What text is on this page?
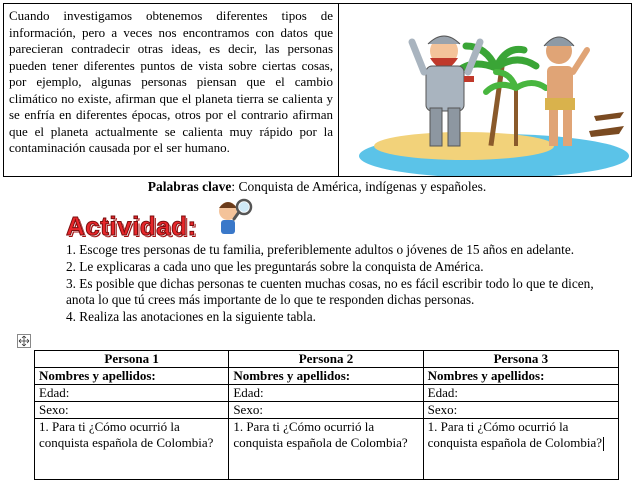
Cuando investigamos obtenemos diferentes tipos de información, pero a veces nos encontramos con datos que parecieran contradecir otras ideas, es decir, las personas pueden tener diferentes puntos de vista sobre ciertas cosas, por ejemplo, algunas personas piensan que el cambio climático no existe, afirman que el planeta tierra se calienta y se enfría en diferentes épocas, otros por el contrario afirman que el planeta actualmente se calienta muy rápido por la contaminación causada por el ser humano.
Palabras clave: Conquista de América, indígenas y españoles.
Actividad:

1. Escoge tres personas de tu familia, preferiblemente adultos o jóvenes de 15 años en adelante.

2. Le explicaras a cada uno que les preguntarás sobre la conquista de América.

3. Es posible que dichas personas te cuenten muchas cosas, no es fácil escribir todo lo que te dicen, anota lo que tú crees más importante de lo que te responden dichas personas.

4. Realiza las anotaciones en la siguiente tabla.

Persona 1	Persona 2	Persona 3
Nombres y apellidos:	Nombres y apellidos:	Nombres y apellidos:
Edad:	Edad:	Edad:
Sexo:	Sexo:	Sexo:
1. Para ti ¿Cómo ocurrió la conquista española de Colombia?	1. Para ti ¿Cómo ocurrió la conquista española de Colombia?	1. Para ti ¿Cómo ocurrió la conquista española de Colombia?
